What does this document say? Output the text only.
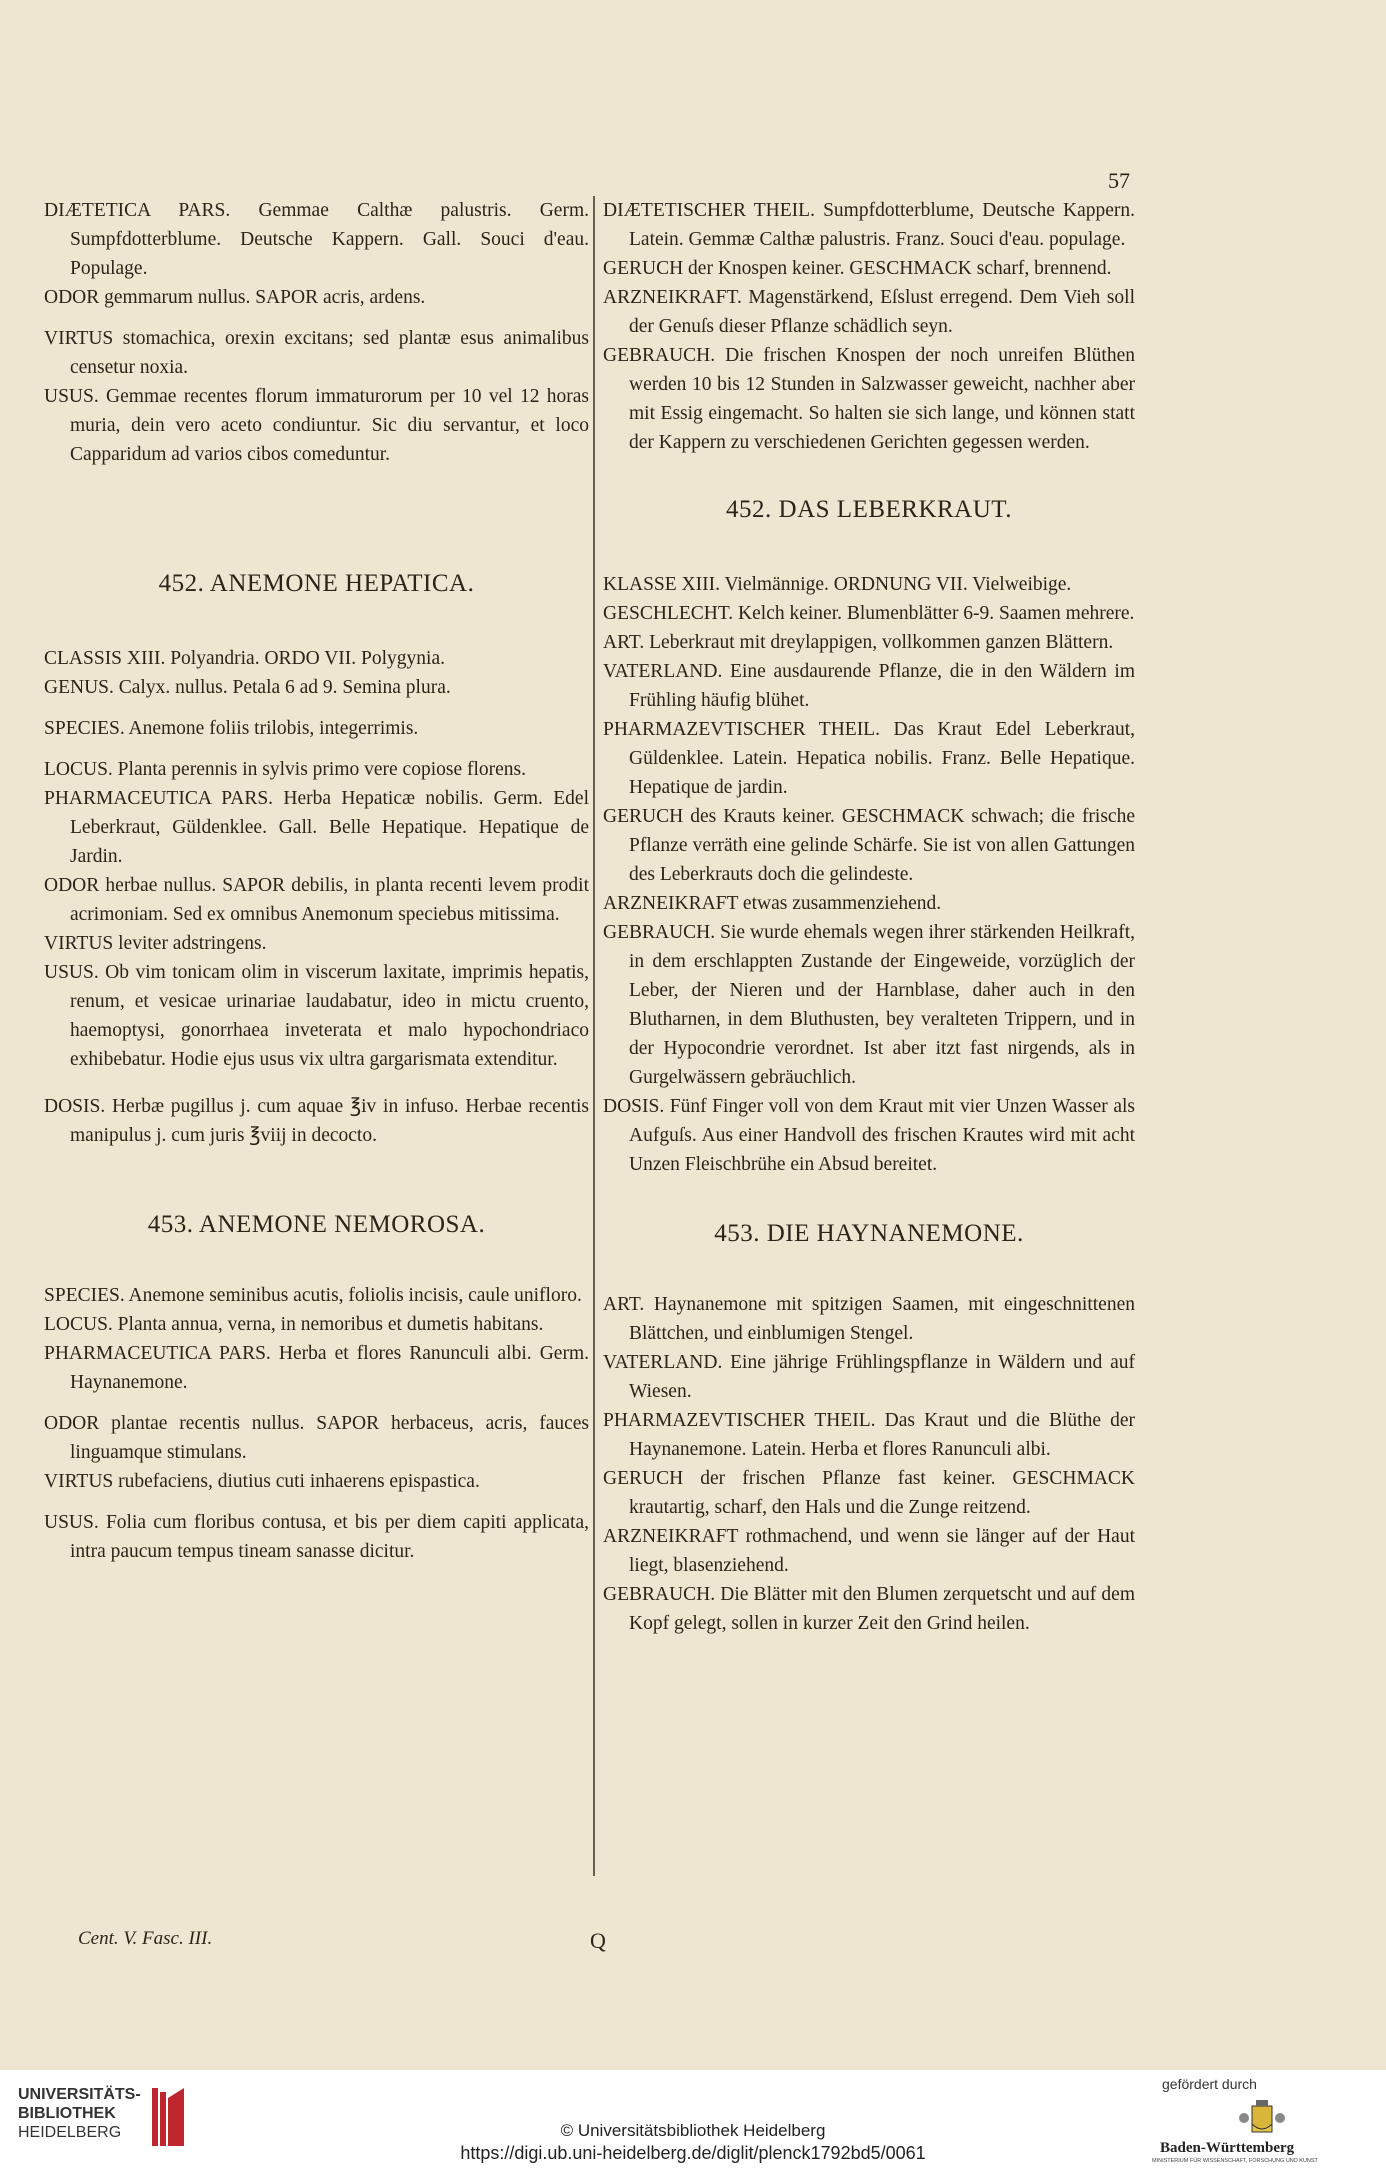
57

DIÆTETICA PARS. Gemmae Calthæ palustris. Germ. Sumpfdotterblume. Deutsche Kappern. Gall. Souci d'eau. Populage.

ODOR gemmarum nullus. SAPOR acris, ardens.

VIRTUS stomachica, orexin excitans; sed plantæ esus animalibus censetur noxia.

USUS. Gemmae recentes florum immaturorum per 10 vel 12 horas muria, dein vero aceto condiuntur. Sic diu servantur, et loco Capparidum ad varios cibos comeduntur.

452. ANEMONE HEPATICA.

CLASSIS XIII. Polyandria. ORDO VII. Polygynia.

GENUS. Calyx. nullus. Petala 6 ad 9. Semina plura.

SPECIES. Anemone foliis trilobis, integerrimis.

LOCUS. Planta perennis in sylvis primo vere copiose florens.

PHARMACEUTICA PARS. Herba Hepaticæ nobilis. Germ. Edel Leberkraut, Güldenklee. Gall. Belle Hepatique. Hepatique de Jardin.

ODOR herbae nullus. SAPOR debilis, in planta recenti levem prodit acrimoniam. Sed ex omnibus Anemonum speciebus mitissima.

VIRTUS leviter adstringens.

USUS. Ob vim tonicam olim in viscerum laxitate, imprimis hepatis, renum, et vesicae urinariae laudabatur, ideo in mictu cruento, haemoptysi, gonorrhaea inveterata et malo hypochondriaco exhibebatur. Hodie ejus usus vix ultra gargarismata extenditur.

DOSIS. Herbæ pugillus j. cum aquae ℥iv in infuso. Herbae recentis manipulus j. cum juris ℥viij in decocto.

453. ANEMONE NEMOROSA.

SPECIES. Anemone seminibus acutis, foliolis incisis, caule unifloro.

LOCUS. Planta annua, verna, in nemoribus et dumetis habitans.

PHARMACEUTICA PARS. Herba et flores Ranunculi albi. Germ. Haynanemone.

ODOR plantae recentis nullus. SAPOR herbaceus, acris, fauces linguamque stimulans.

VIRTUS rubefaciens, diutius cuti inhaerens epispastica.

USUS. Folia cum floribus contusa, et bis per diem capiti applicata, intra paucum tempus tineam sanasse dicitur.

DIÆTETISCHER THEIL. Sumpfdotterblume, Deutsche Kappern. Latein. Gemmæ Calthæ palustris. Franz. Souci d'eau. populage.

GERUCH der Knospen keiner. GESCHMACK scharf, brennend.

ARZNEIKRAFT. Magenstärkend, Eſslust erregend. Dem Vieh soll der Genuſs dieser Pflanze schädlich seyn.

GEBRAUCH. Die frischen Knospen der noch unreifen Blüthen werden 10 bis 12 Stunden in Salzwasser geweicht, nachher aber mit Essig eingemacht. So halten sie sich lange, und können statt der Kappern zu verschiedenen Gerichten gegessen werden.

452. DAS LEBERKRAUT.

KLASSE XIII. Vielmännige. ORDNUNG VII. Vielweibige.

GESCHLECHT. Kelch keiner. Blumenblätter 6-9. Saamen mehrere.

ART. Leberkraut mit dreylappigen, vollkommen ganzen Blättern.

VATERLAND. Eine ausdaurende Pflanze, die in den Wäldern im Frühling häufig blühet.

PHARMAZEVTISCHER THEIL. Das Kraut Edel Leberkraut, Güldenklee. Latein. Hepatica nobilis. Franz. Belle Hepatique. Hepatique de jardin.

GERUCH des Krauts keiner. GESCHMACK schwach; die frische Pflanze verräth eine gelinde Schärfe. Sie ist von allen Gattungen des Leberkrauts doch die gelindeste.

ARZNEIKRAFT etwas zusammenziehend.

GEBRAUCH. Sie wurde ehemals wegen ihrer stärkenden Heilkraft, in dem erschlappten Zustande der Eingeweide, vorzüglich der Leber, der Nieren und der Harnblase, daher auch in den Blutharnen, in dem Bluthusten, bey veralteten Trippern, und in der Hypocondrie verordnet. Ist aber itzt fast nirgends, als in Gurgelwässern gebräuchlich.

DOSIS. Fünf Finger voll von dem Kraut mit vier Unzen Wasser als Aufguſs. Aus einer Handvoll des frischen Krautes wird mit acht Unzen Fleischbrühe ein Absud bereitet.

453. DIE HAYNANEMONE.

ART. Haynanemone mit spitzigen Saamen, mit eingeschnittenen Blättchen, und einblumigen Stengel.

VATERLAND. Eine jährige Frühlingspflanze in Wäldern und auf Wiesen.

PHARMAZEVTISCHER THEIL. Das Kraut und die Blüthe der Haynanemone. Latein. Herba et flores Ranunculi albi.

GERUCH der frischen Pflanze fast keiner. GESCHMACK krautartig, scharf, den Hals und die Zunge reitzend.

ARZNEIKRAFT rothmachend, und wenn sie länger auf der Haut liegt, blasenziehend.

GEBRAUCH. Die Blätter mit den Blumen zerquetscht und auf dem Kopf gelegt, sollen in kurzer Zeit den Grind heilen.

Cent. V. Fasc. III.	Q
UNIVERSITÄTS-
BIBLIOTHEK
HEIDELBERG	© Universitätsbibliothek Heidelberg
https://digi.ub.uni-heidelberg.de/diglit/plenck1792bd5/0061
gefördert durch
Baden-Württemberg
MINISTERIUM FÜR WISSENSCHAFT, FORSCHUNG UND KUNST
